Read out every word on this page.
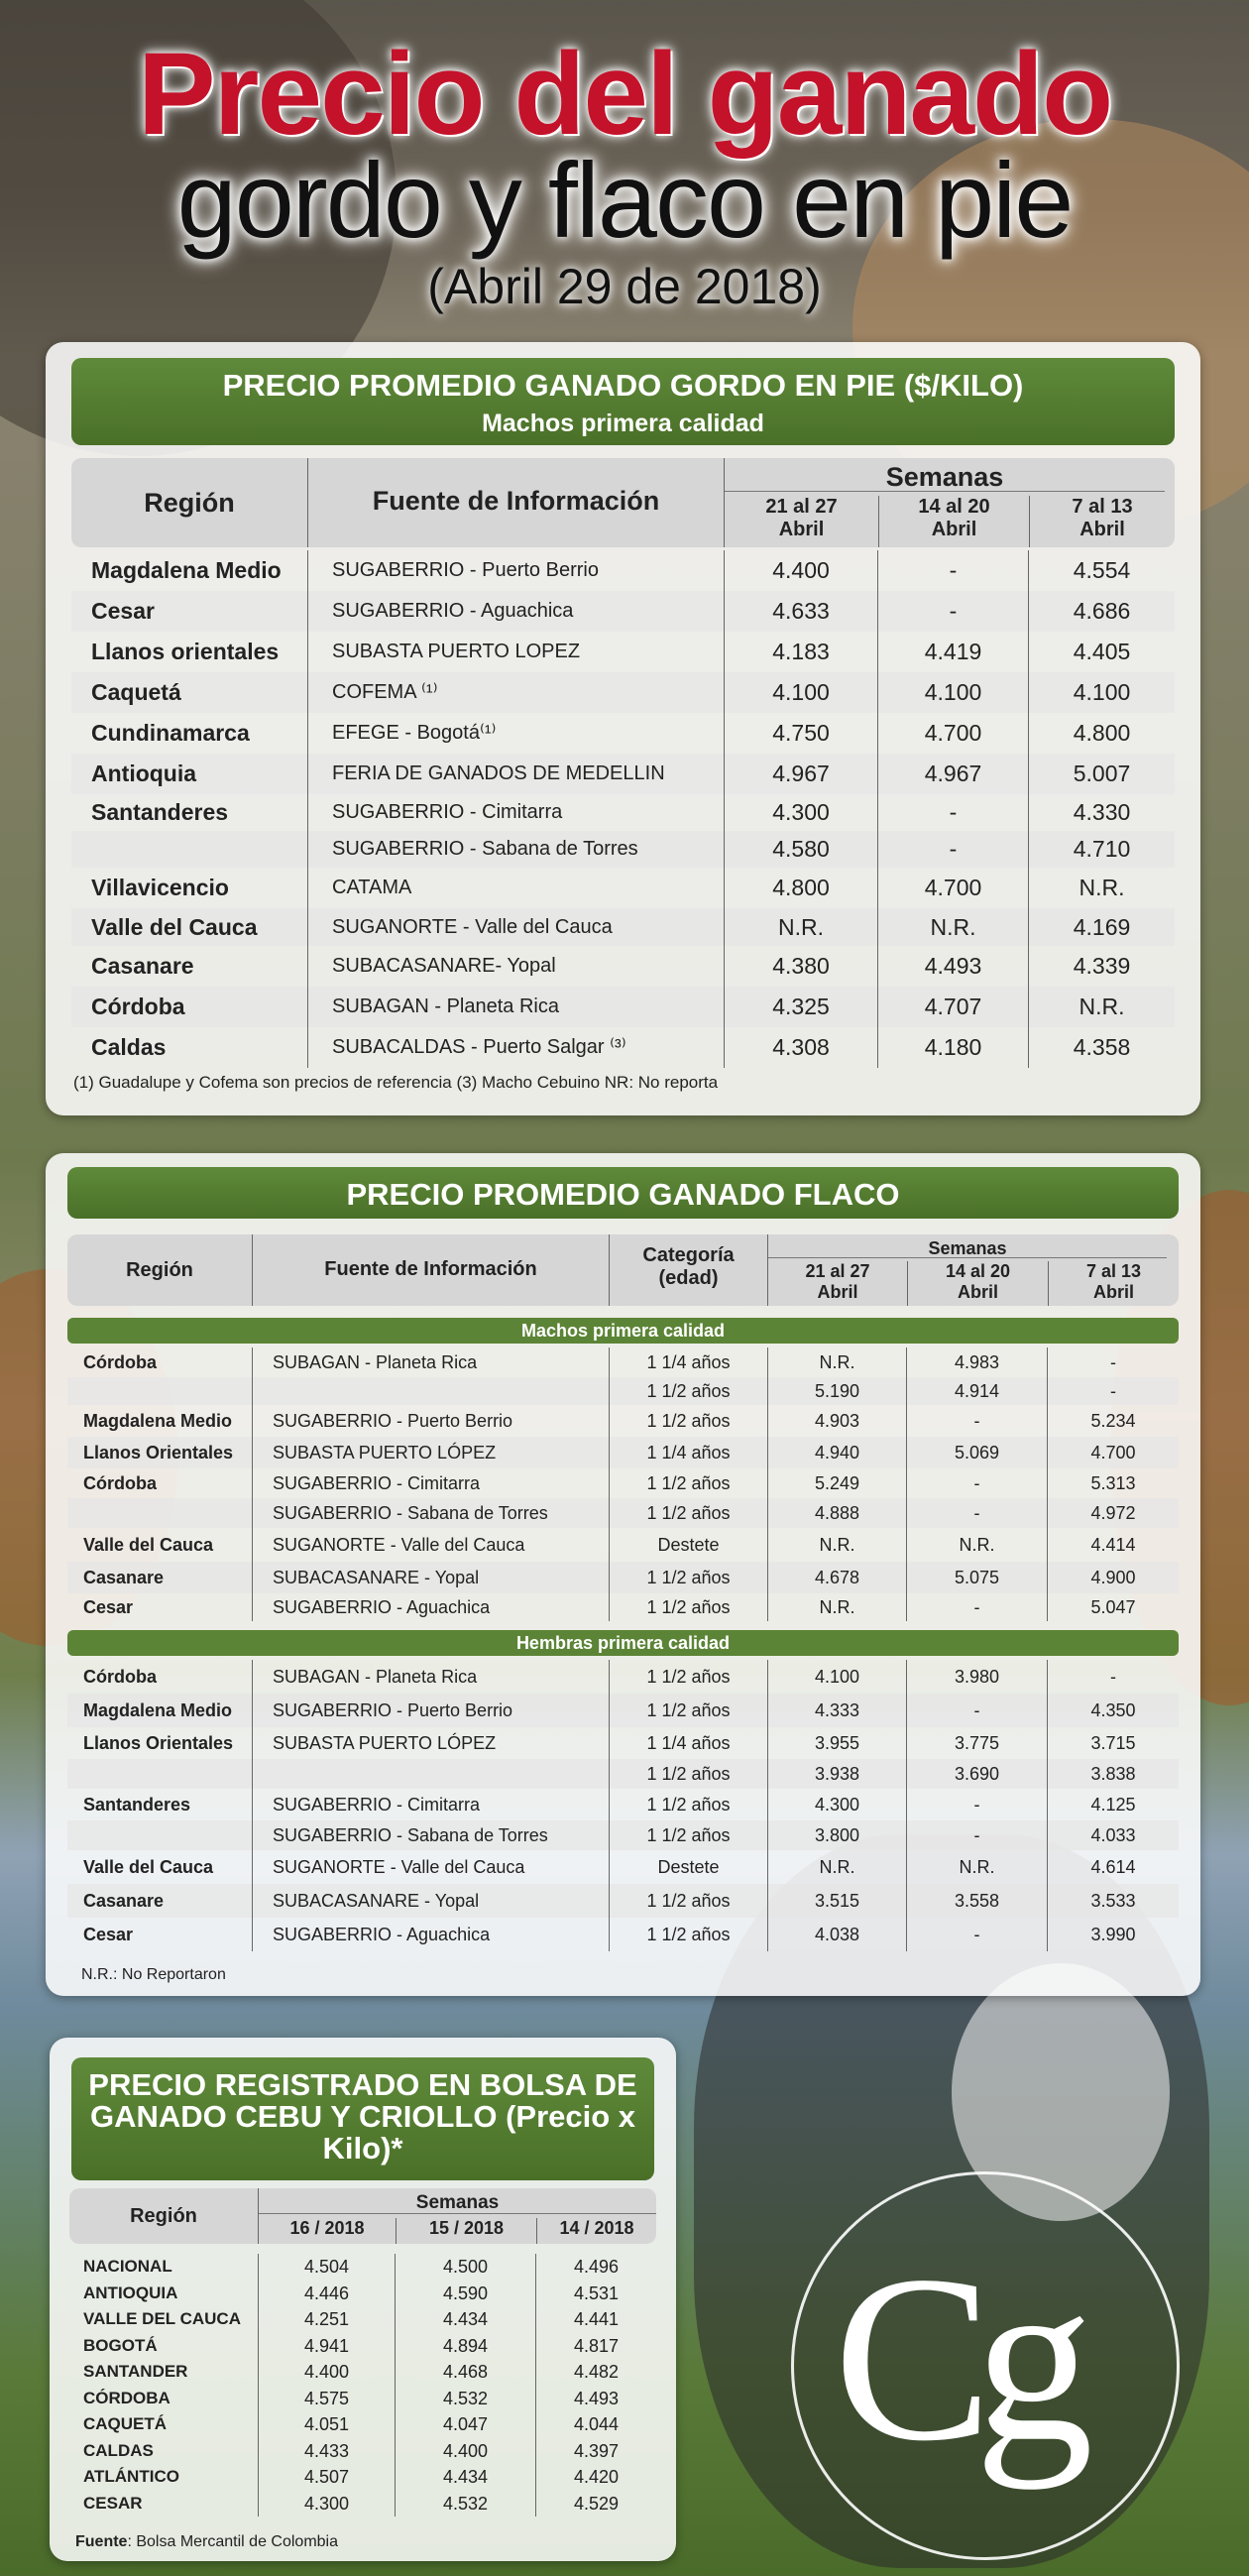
Precio del ganado
gordo y flaco en pie
(Abril 29 de 2018)
PRECIO PROMEDIO GANADO GORDO EN PIE ($/KILO)
Machos primera calidad
Región	Fuente de Información
Semanas
21 al 27
Abril
14 al 20
Abril
7 al 13
Abril
Magdalena Medio	SUGABERRIO - Puerto Berrio	4.400	-	4.554
Cesar	SUGABERRIO - Aguachica	4.633	-	4.686
Llanos orientales	SUBASTA PUERTO LOPEZ	4.183	4.419	4.405
Caquetá	COFEMA ⁽¹⁾	4.100	4.100	4.100
Cundinamarca	EFEGE - Bogotá⁽¹⁾	4.750	4.700	4.800
Antioquia	FERIA DE GANADOS DE MEDELLIN	4.967	4.967	5.007
Santanderes	SUGABERRIO - Cimitarra	4.300	-	4.330
SUGABERRIO - Sabana de Torres	4.580	-	4.710
Villavicencio	CATAMA	4.800	4.700	N.R.
Valle del Cauca	SUGANORTE - Valle del Cauca	N.R.	N.R.	4.169
Casanare	SUBACASANARE- Yopal	4.380	4.493	4.339
Córdoba	SUBAGAN - Planeta Rica	4.325	4.707	N.R.
Caldas	SUBACALDAS - Puerto Salgar ⁽³⁾	4.308	4.180	4.358
(1) Guadalupe y Cofema son precios de referencia (3) Macho Cebuino NR: No reporta
PRECIO PROMEDIO GANADO FLACO
Región	Fuente de Información
Categoría
(edad)
Semanas
21 al 27
Abril
14 al 20
Abril
7 al 13
Abril
Machos primera calidad
Córdoba	SUBAGAN - Planeta Rica	1 1/4 años	N.R.	4.983	-
1 1/2 años	5.190	4.914	-
Magdalena Medio	SUGABERRIO - Puerto Berrio	1 1/2 años	4.903	-	5.234
Llanos Orientales	SUBASTA PUERTO LÓPEZ	1 1/4 años	4.940	5.069	4.700
Córdoba	SUGABERRIO - Cimitarra	1 1/2 años	5.249	-	5.313
SUGABERRIO - Sabana de Torres	1 1/2 años	4.888	-	4.972
Valle del Cauca	SUGANORTE - Valle del Cauca	Destete	N.R.	N.R.	4.414
Casanare	SUBACASANARE - Yopal	1 1/2 años	4.678	5.075	4.900
Cesar	SUGABERRIO - Aguachica	1 1/2 años	N.R.	-	5.047
Hembras primera calidad
Córdoba	SUBAGAN - Planeta Rica	1 1/2 años	4.100	3.980	-
Magdalena Medio	SUGABERRIO - Puerto Berrio	1 1/2 años	4.333	-	4.350
Llanos Orientales	SUBASTA PUERTO LÓPEZ	1 1/4 años	3.955	3.775	3.715
1 1/2 años	3.938	3.690	3.838
Santanderes	SUGABERRIO - Cimitarra	1 1/2 años	4.300	-	4.125
SUGABERRIO - Sabana de Torres	1 1/2 años	3.800	-	4.033
Valle del Cauca	SUGANORTE - Valle del Cauca	Destete	N.R.	N.R.	4.614
Casanare	SUBACASANARE - Yopal	1 1/2 años	3.515	3.558	3.533
Cesar	SUGABERRIO - Aguachica	1 1/2 años	4.038	-	3.990
N.R.: No Reportaron
PRECIO REGISTRADO EN BOLSA DE GANADO CEBU Y CRIOLLO (Precio x Kilo)*
Región
Semanas
16 / 2018	15 / 2018	14 / 2018
NACIONAL	4.504	4.500	4.496
ANTIOQUIA	4.446	4.590	4.531
VALLE DEL CAUCA	4.251	4.434	4.441
BOGOTÁ	4.941	4.894	4.817
SANTANDER	4.400	4.468	4.482
CÓRDOBA	4.575	4.532	4.493
CAQUETÁ	4.051	4.047	4.044
CALDAS	4.433	4.400	4.397
ATLÁNTICO	4.507	4.434	4.420
CESAR	4.300	4.532	4.529
Fuente: Bolsa Mercantil de Colombia
Cg
